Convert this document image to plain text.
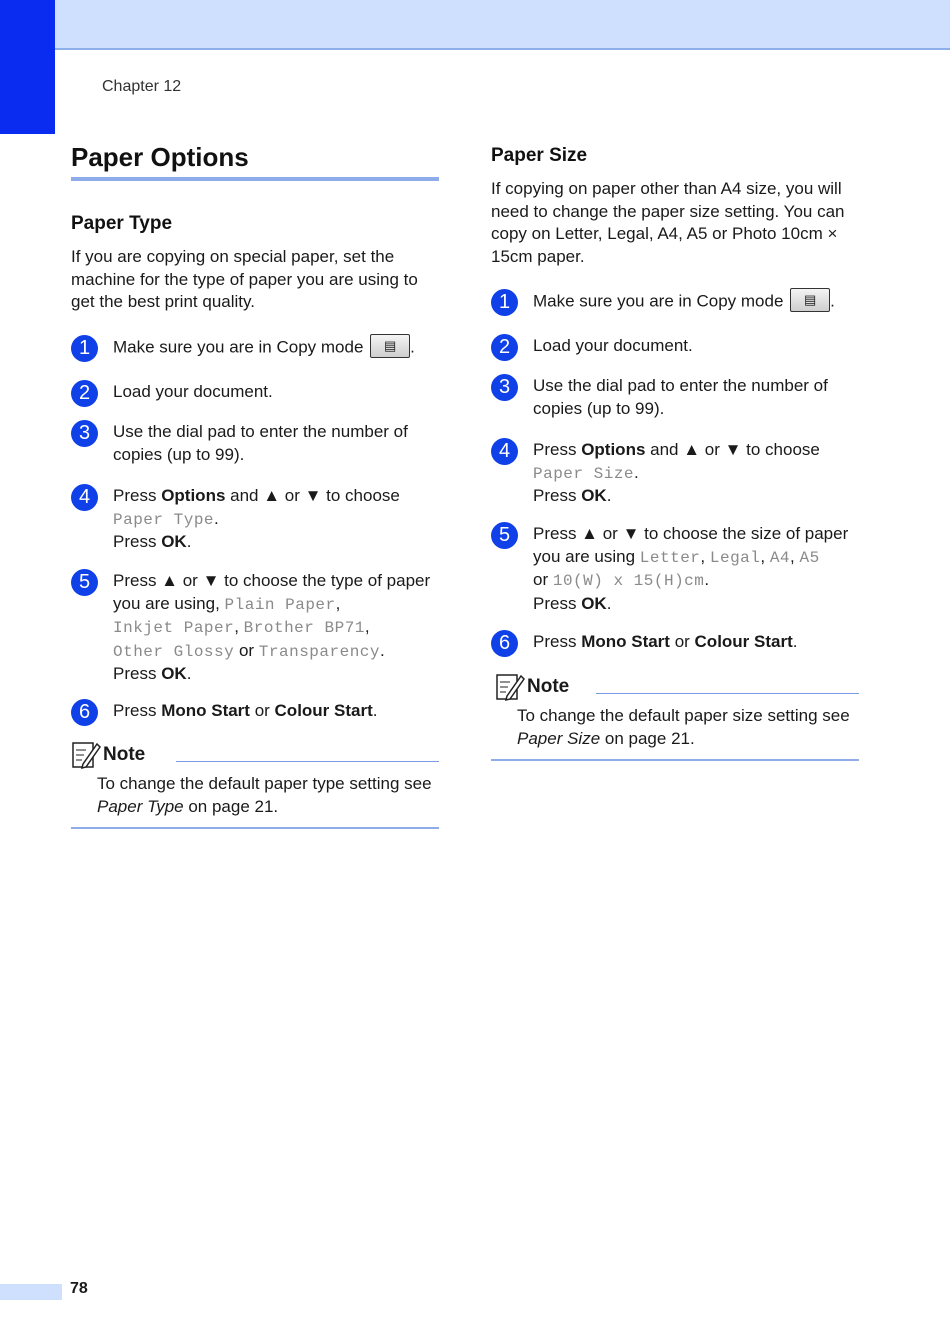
Chapter 12
Paper Options
Paper Type
If you are copying on special paper, set the machine for the type of paper you are using to get the best print quality.
1	Make sure you are in Copy mode ▤ .
2	Load your document.
3	Use the dial pad to enter the number of copies (up to 99).
4	Press Options and ▲ or ▼ to choose
Paper Type.
Press OK.
5	Press ▲ or ▼ to choose the type of paper you are using, Plain Paper,
Inkjet Paper, Brother BP71,
Other Glossy or Transparency.
Press OK.
6	Press Mono Start or Colour Start.
Note
To change the default paper type setting see Paper Type on page 21.
Paper Size
If copying on paper other than A4 size, you will need to change the paper size setting. You can copy on Letter, Legal, A4, A5 or Photo 10cm × 15cm paper.
1	Make sure you are in Copy mode ▤ .
2	Load your document.
3	Use the dial pad to enter the number of copies (up to 99).
4	Press Options and ▲ or ▼ to choose
Paper Size.
Press OK.
5	Press ▲ or ▼ to choose the size of paper you are using Letter, Legal, A4, A5
or 10(W) x 15(H)cm.
Press OK.
6	Press Mono Start or Colour Start.
Note
To change the default paper size setting see Paper Size on page 21.
78
